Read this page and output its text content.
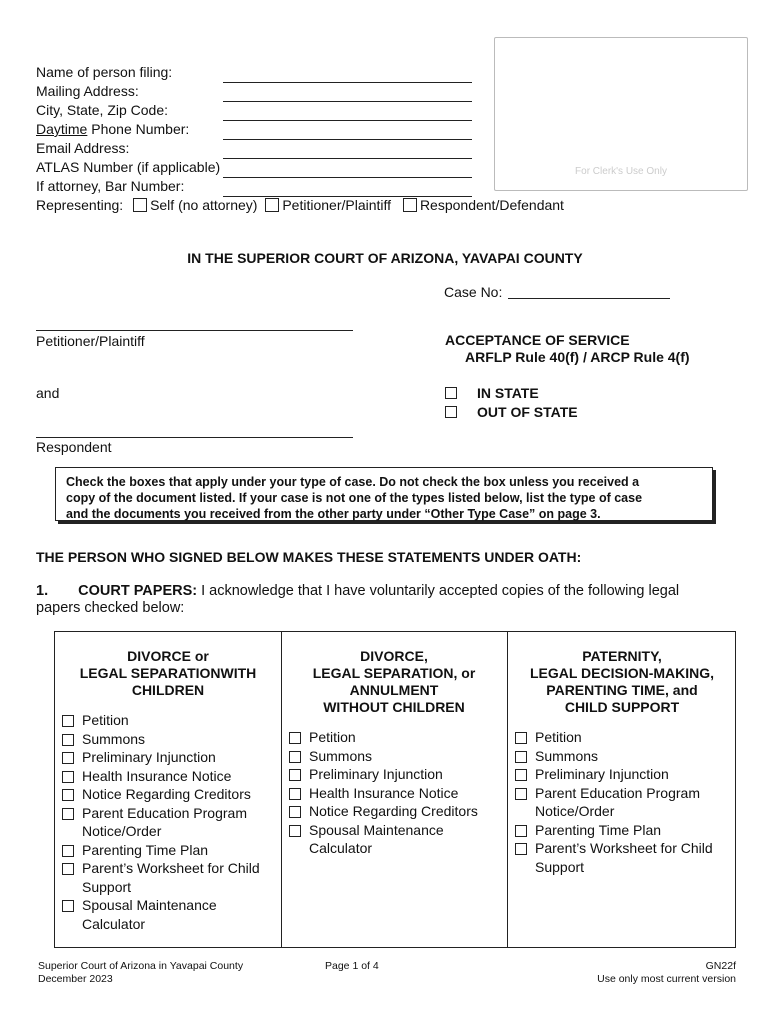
Name of person filing:
Mailing Address:
City, State, Zip Code:
Daytime Phone Number:
Email Address:
ATLAS Number (if applicable)
If attorney, Bar Number:
Representing: Self (no attorney) Petitioner/Plaintiff Respondent/Defendant
For Clerk's Use Only
IN THE SUPERIOR COURT OF ARIZONA, YAVAPAI COUNTY
Case No:
Petitioner/Plaintiff
and
Respondent
ACCEPTANCE OF SERVICE
ARFLP Rule 40(f) / ARCP Rule 4(f)
IN STATE
OUT OF STATE
Check the boxes that apply under your type of case. Do not check the box unless you received a
copy of the document listed. If your case is not one of the types listed below, list the type of case
and the documents you received from the other party under “Other Type Case” on page 3.
THE PERSON WHO SIGNED BELOW MAKES THESE STATEMENTS UNDER OATH:
1. COURT PAPERS: I acknowledge that I have voluntarily accepted copies of the following legal
papers checked below:
DIVORCE or
LEGAL SEPARATIONWITH
CHILDREN
Petition
Summons
Preliminary Injunction
Health Insurance Notice
Notice Regarding Creditors
Parent Education Program Notice/Order
Parenting Time Plan
Parent’s Worksheet for Child Support
Spousal Maintenance Calculator
DIVORCE,
LEGAL SEPARATION, or
ANNULMENT
WITHOUT CHILDREN
Petition
Summons
Preliminary Injunction
Health Insurance Notice
Notice Regarding Creditors
Spousal Maintenance Calculator
PATERNITY,
LEGAL DECISION-MAKING,
PARENTING TIME, and
CHILD SUPPORT
Petition
Summons
Preliminary Injunction
Parent Education Program Notice/Order
Parenting Time Plan
Parent’s Worksheet for Child Support
Superior Court of Arizona in Yavapai County
December 2023
Page 1 of 4	GN22f
Use only most current version
